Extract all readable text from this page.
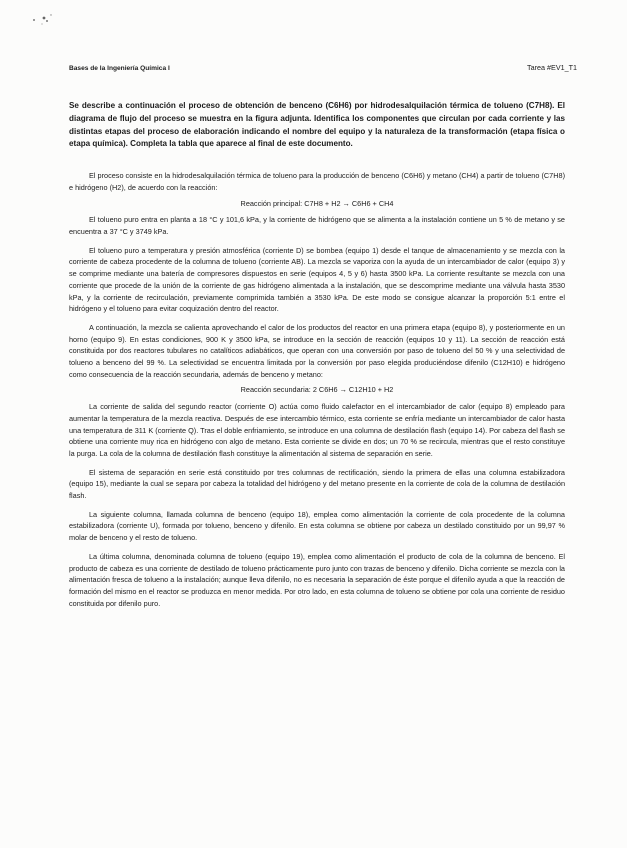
Bases de la Ingeniería Química I	Tarea #EV1_T1

Se describe a continuación el proceso de obtención de benceno (C6H6) por hidrodesalquilación térmica de tolueno (C7H8). El diagrama de flujo del proceso se muestra en la figura adjunta. Identifica los componentes que circulan por cada corriente y las distintas etapas del proceso de elaboración indicando el nombre del equipo y la naturaleza de la transformación (etapa física o etapa química). Completa la tabla que aparece al final de este documento.

El proceso consiste en la hidrodesalquilación térmica de tolueno para la producción de benceno (C6H6) y metano (CH4) a partir de tolueno (C7H8) e hidrógeno (H2), de acuerdo con la reacción:

Reacción principal: C7H8 + H2 → C6H6 + CH4

El tolueno puro entra en planta a 18 °C y 101,6 kPa, y la corriente de hidrógeno que se alimenta a la instalación contiene un 5 % de metano y se encuentra a 37 °C y 3749 kPa.

El tolueno puro a temperatura y presión atmosférica (corriente D) se bombea (equipo 1) desde el tanque de almacenamiento y se mezcla con la corriente de cabeza procedente de la columna de tolueno (corriente AB). La mezcla se vaporiza con la ayuda de un intercambiador de calor (equipo 3) y se comprime mediante una batería de compresores dispuestos en serie (equipos 4, 5 y 6) hasta 3500 kPa. La corriente resultante se mezcla con una corriente que procede de la unión de la corriente de gas hidrógeno alimentada a la instalación, que se descomprime mediante una válvula hasta 3530 kPa, y la corriente de recirculación, previamente comprimida también a 3530 kPa. De este modo se consigue alcanzar la proporción 5:1 entre el hidrógeno y el tolueno para evitar coquización dentro del reactor.

A continuación, la mezcla se calienta aprovechando el calor de los productos del reactor en una primera etapa (equipo 8), y posteriormente en un horno (equipo 9). En estas condiciones, 900 K y 3500 kPa, se introduce en la sección de reacción (equipos 10 y 11). La sección de reacción está constituida por dos reactores tubulares no catalíticos adiabáticos, que operan con una conversión por paso de tolueno del 50 % y una selectividad de tolueno a benceno del 99 %. La selectividad se encuentra limitada por la conversión por paso elegida produciéndose difenilo (C12H10) e hidrógeno como consecuencia de la reacción secundaria, además de benceno y metano:

Reacción secundaria: 2 C6H6 → C12H10 + H2

La corriente de salida del segundo reactor (corriente O) actúa como fluido calefactor en el intercambiador de calor (equipo 8) empleado para aumentar la temperatura de la mezcla reactiva. Después de ese intercambio térmico, esta corriente se enfría mediante un intercambiador de calor hasta una temperatura de 311 K (corriente Q). Tras el doble enfriamiento, se introduce en una columna de destilación flash (equipo 14). Por cabeza del flash se obtiene una corriente muy rica en hidrógeno con algo de metano. Esta corriente se divide en dos; un 70 % se recircula, mientras que el resto constituye la purga. La cola de la columna de destilación flash constituye la alimentación al sistema de separación en serie.

El sistema de separación en serie está constituido por tres columnas de rectificación, siendo la primera de ellas una columna estabilizadora (equipo 15), mediante la cual se separa por cabeza la totalidad del hidrógeno y del metano presente en la corriente de cola de la columna de destilación flash.

La siguiente columna, llamada columna de benceno (equipo 18), emplea como alimentación la corriente de cola procedente de la columna estabilizadora (corriente U), formada por tolueno, benceno y difenilo. En esta columna se obtiene por cabeza un destilado constituido por un 99,97 % molar de benceno y el resto de tolueno.

La última columna, denominada columna de tolueno (equipo 19), emplea como alimentación el producto de cola de la columna de benceno. El producto de cabeza es una corriente de destilado de tolueno prácticamente puro junto con trazas de benceno y difenilo. Dicha corriente se mezcla con la alimentación fresca de tolueno a la instalación; aunque lleva difenilo, no es necesaria la separación de éste porque el difenilo ayuda a que la reacción de formación del mismo en el reactor se produzca en menor medida. Por otro lado, en esta columna de tolueno se obtiene por cola una corriente de residuo constituida por difenilo puro.
